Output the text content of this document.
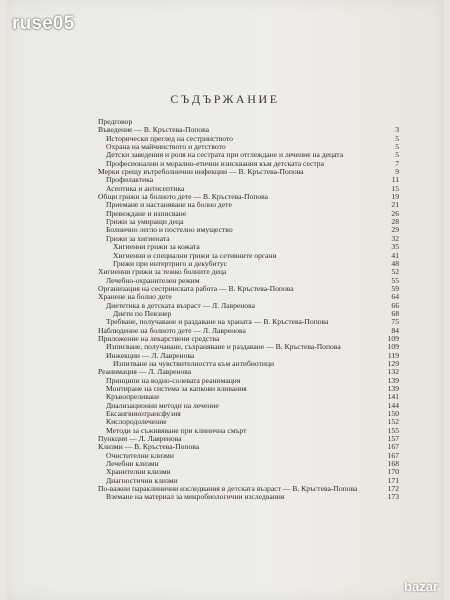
ruse05
СЪДЪРЖАНИЕ
Предговор
Въведение — В. Кръстева-Попова	3
Исторически преглед на сестринството	5
Охрана на майчинството и детството	5
Детски заведения и роля на сестрата при отглеждане и лечение на децата	5
Професионални и морално-етични изисквания към детската сестра	7
Мерки срещу вътреболнични инфекции — В. Кръстева-Попова	9
Профилактика	11
Асептика и антисептика	15
Общи грижи за болното дете — В. Кръстева-Попова	19
Приемане и настаняване на болно дете	21
Превеждане и изписване	26
Грижи за умиращи деца	28
Болнично легло и постелно имущество	29
Грижи за хигиената	32
Хигиенни грижи за кожата	35
Хигиенни и специални грижи за сетивните органи	41
Грижи при интертриго и декубитус	48
Хигиенни грижи за тежко болните деца	52
Лечебно-охранителен режим	55
Организация на сестринската работа — В. Кръстева-Попова	59
Хранене на болно дете	64
Диететика в детската възраст — Л. Лавренова	66
Диети по Певзнер	68
Требване, получаване и раздаване на храната — В. Кръстева-Попова	75
Наблюдение на болното дете — Л. Лавренова	84
Приложение на лекарствени средства	109
Изписване, получаване, съхраняване и раздаване — В. Кръстева-Попова	109
Инжекции — Л. Лавренова	119
Изпитване на чувствителността към антибиотици	129
Реанимация — Л. Лавренова	132
Принципи на водно-солевата реанимация	139
Монтиране на система за капкови вливания	139
Кръвопреливане	141
Диализационни методи на лечение	144
Ексангвинотрансфузия	150
Кислородолечение	152
Методи за съживяване при клинична смърт	155
Пункции — Л. Лавренова	157
Клизми — В. Кръстева-Попова	167
Очистителни клизми	167
Лечебни клизми	168
Хранителни клизми	170
Диагностични клизми	171
По-важни параклинични изследвания в детската възраст — В. Кръстева-Попова	172
Вземане на материал за микробиологични изследвания	173
bazar
